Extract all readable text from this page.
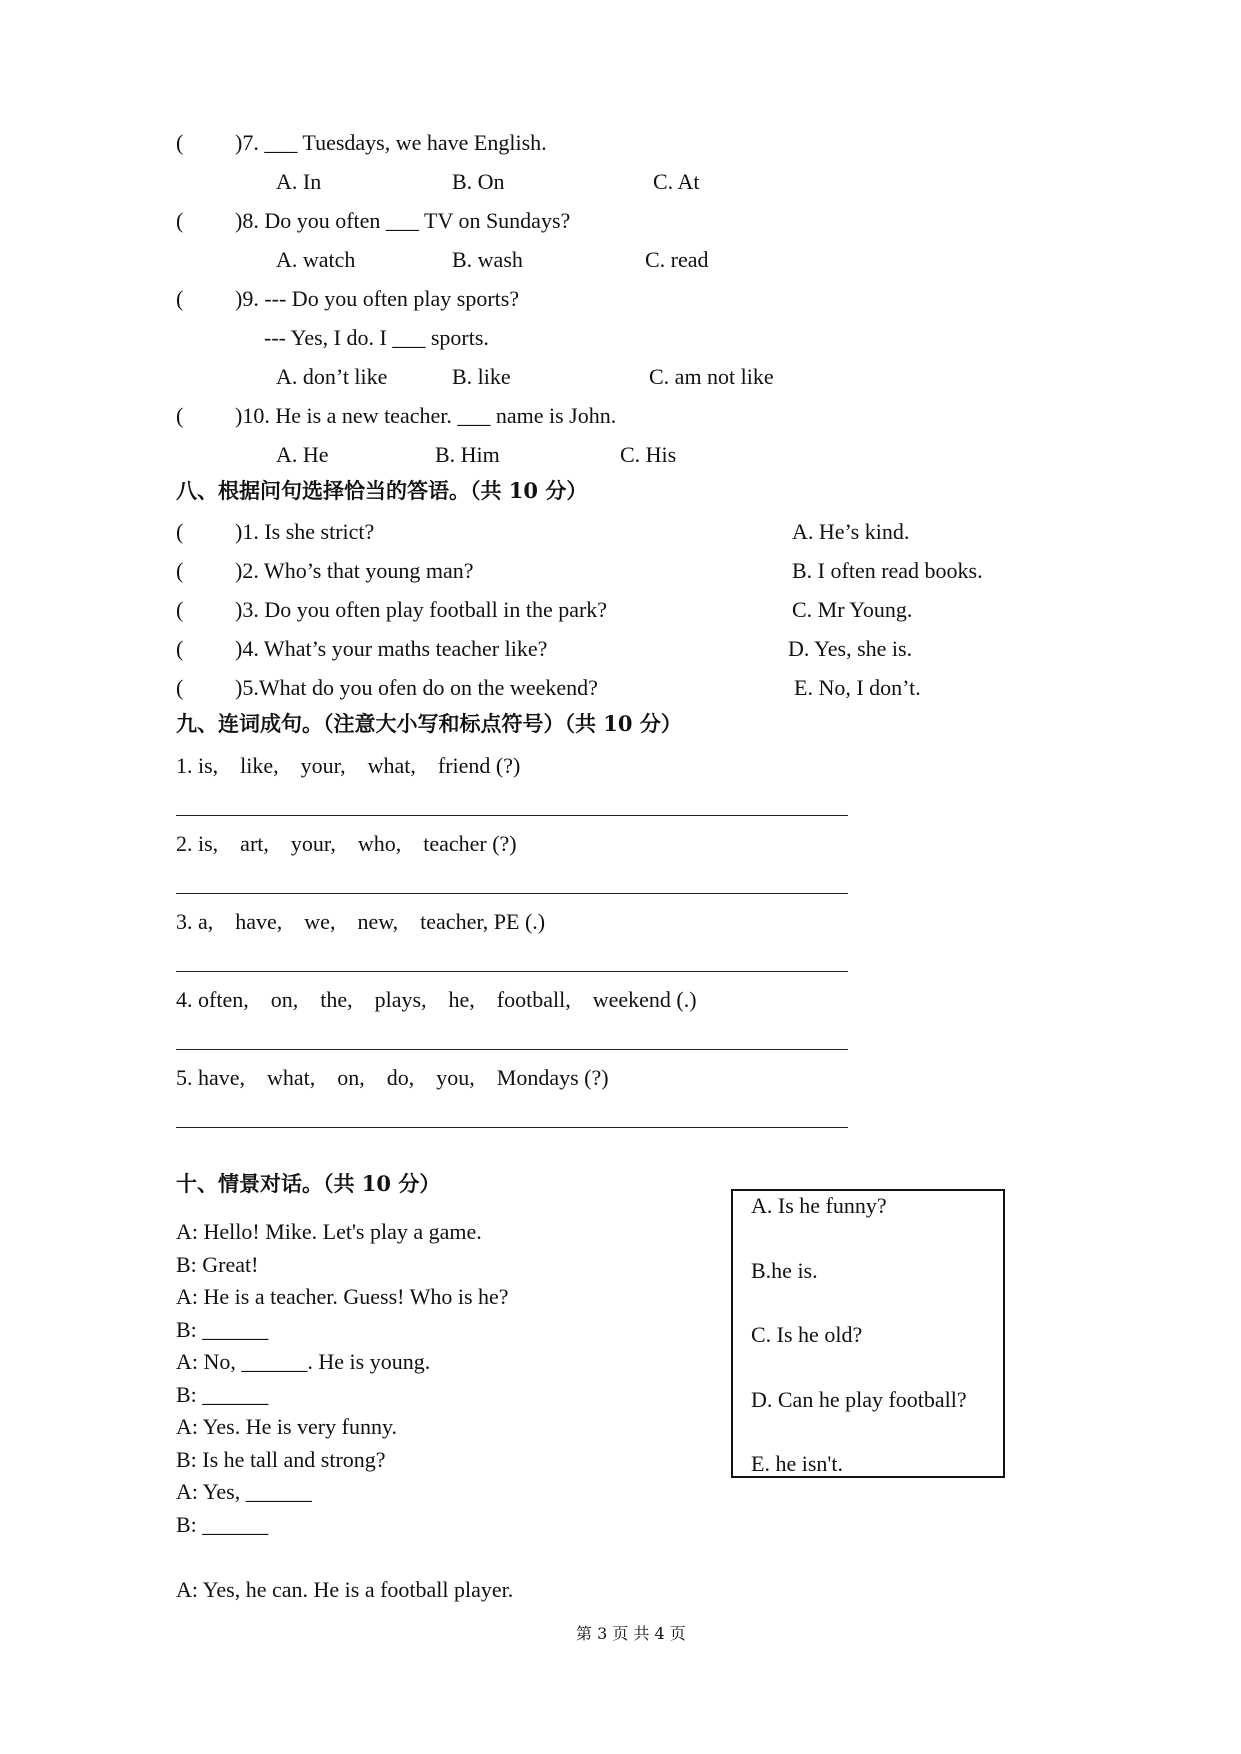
( )7. ___ Tuesdays, we have English.
A. In	B. On	C. At
( )8. Do you often ___ TV on Sundays?
A. watch	B. wash	C. read
( )9. --- Do you often play sports?
--- Yes, I do. I ___ sports.
A. don’t like	B. like	C. am not like
( )10. He is a new teacher. ___ name is John.
A. He	B. Him	C. His
八、根据问句选择恰当的答语。（共 10 分）
( )1. Is she strict?	A. He’s kind.
( )2. Who’s that young man?	B. I often read books.
( )3. Do you often play football in the park?	C. Mr Young.
( )4. What’s your maths teacher like?	D. Yes, she is.
( )5.What do you ofen do on the weekend?	E. No, I don’t.
九、连词成句。（注意大小写和标点符号）（共 10 分）
1. is,    like,    your,    what,    friend (?)
2. is,    art,    your,    who,    teacher (?)
3. a,    have,    we,    new,    teacher, PE (.)
4. often,    on,    the,    plays,    he,    football,    weekend (.)
5. have,    what,    on,    do,    you,    Mondays (?)
十、情景对话。（共 10 分）
A: Hello! Mike. Let's play a game.
B: Great!
A: He is a teacher. Guess! Who is he?
B: ______
A: No, ______. He is young.
B: ______
A: Yes. He is very funny.
B: Is he tall and strong?
A: Yes, ______
B: ______
A: Yes, he can. He is a football player.
A. Is he funny?
B.he is.
C. Is he old?
D. Can he play football?
E. he isn't.
第 3 页 共 4 页
